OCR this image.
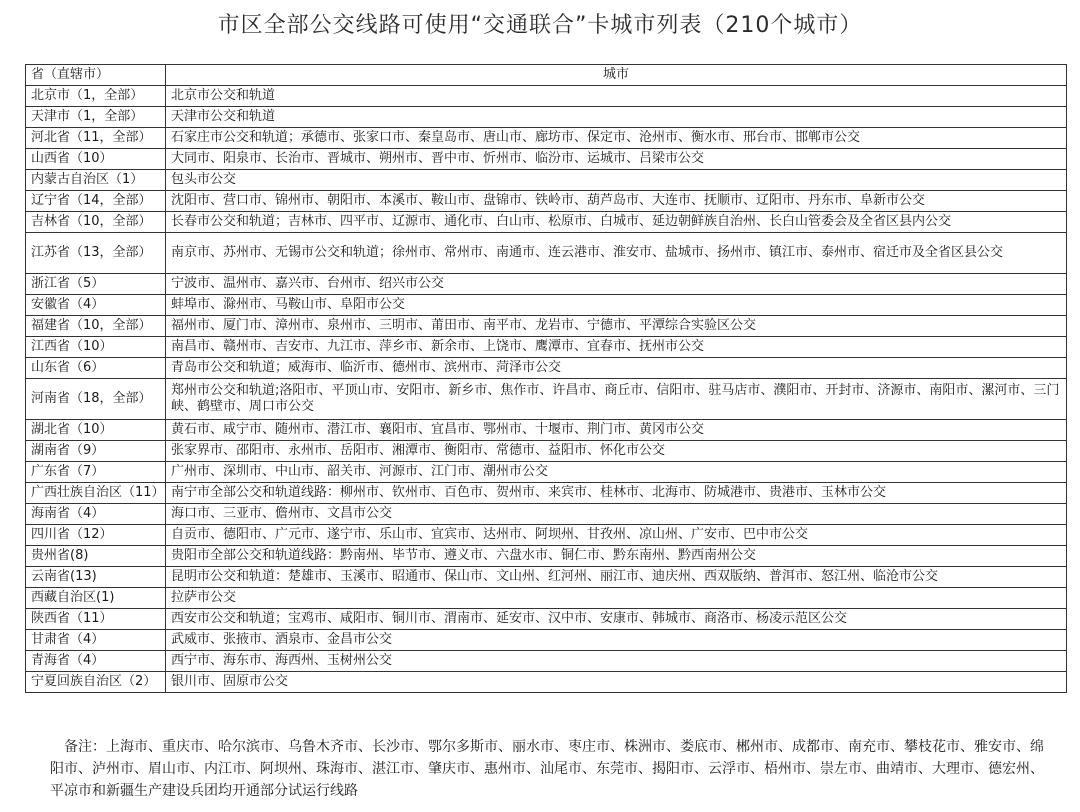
市区全部公交线路可使用“交通联合”卡城市列表（210个城市）
省（直辖市）	城市
北京市（1，全部）	北京市公交和轨道
天津市（1，全部）	天津市公交和轨道
河北省（11，全部）	石家庄市公交和轨道；承德市、张家口市、秦皇岛市、唐山市、廊坊市、保定市、沧州市、衡水市、邢台市、邯郸市公交
山西省（10）	大同市、阳泉市、长治市、晋城市、朔州市、晋中市、忻州市、临汾市、运城市、吕梁市公交
内蒙古自治区（1）	包头市公交
辽宁省（14，全部）	沈阳市、营口市、锦州市、朝阳市、本溪市、鞍山市、盘锦市、铁岭市、葫芦岛市、大连市、抚顺市、辽阳市、丹东市、阜新市公交
吉林省（10，全部）	长春市公交和轨道；吉林市、四平市、辽源市、通化市、白山市、松原市、白城市、延边朝鲜族自治州、长白山管委会及全省区县内公交
江苏省（13，全部）	南京市、苏州市、无锡市公交和轨道；徐州市、常州市、南通市、连云港市、淮安市、盐城市、扬州市、镇江市、泰州市、宿迁市及全省区县公交
浙江省（5）	宁波市、温州市、嘉兴市、台州市、绍兴市公交
安徽省（4）	蚌埠市、滁州市、马鞍山市、阜阳市公交
福建省（10，全部）	福州市、厦门市、漳州市、泉州市、三明市、莆田市、南平市、龙岩市、宁德市、平潭综合实验区公交
江西省（10）	南昌市、赣州市、吉安市、九江市、萍乡市、新余市、上饶市、鹰潭市、宜春市、抚州市公交
山东省（6）	青岛市公交和轨道；威海市、临沂市、德州市、滨州市、菏泽市公交
河南省（18，全部）	郑州市公交和轨道;洛阳市、平顶山市、安阳市、新乡市、焦作市、许昌市、商丘市、信阳市、驻马店市、濮阳市、开封市、济源市、南阳市、漯河市、三门峡、鹤壁市、周口市公交
湖北省（10）	黄石市、咸宁市、随州市、潜江市、襄阳市、宜昌市、鄂州市、十堰市、荆门市、黄冈市公交
湖南省（9）	张家界市、邵阳市、永州市、岳阳市、湘潭市、衡阳市、常德市、益阳市、怀化市公交
广东省（7）	广州市、深圳市、中山市、韶关市、河源市、江门市、潮州市公交
广西壮族自治区（11）	南宁市全部公交和轨道线路：柳州市、钦州市、百色市、贺州市、来宾市、桂林市、北海市、防城港市、贵港市、玉林市公交
海南省（4）	海口市、三亚市、儋州市、文昌市公交
四川省（12）	自贡市、德阳市、广元市、遂宁市、乐山市、宜宾市、达州市、阿坝州、甘孜州、凉山州、广安市、巴中市公交
贵州省(8)	贵阳市全部公交和轨道线路：黔南州、毕节市、遵义市、六盘水市、铜仁市、黔东南州、黔西南州公交
云南省(13)	昆明市公交和轨道：楚雄市、玉溪市、昭通市、保山市、文山州、红河州、丽江市、迪庆州、西双版纳、普洱市、怒江州、临沧市公交
西藏自治区(1)	拉萨市公交
陕西省（11）	西安市公交和轨道；宝鸡市、咸阳市、铜川市、渭南市、延安市、汉中市、安康市、韩城市、商洛市、杨凌示范区公交
甘肃省（4）	武威市、张掖市、酒泉市、金昌市公交
青海省（4）	西宁市、海东市、海西州、玉树州公交
宁夏回族自治区（2）	银川市、固原市公交
备注：上海市、重庆市、哈尔滨市、乌鲁木齐市、长沙市、鄂尔多斯市、丽水市、枣庄市、株洲市、娄底市、郴州市、成都市、南充市、攀枝花市、雅安市、绵阳市、泸州市、眉山市、内江市、阿坝州、珠海市、湛江市、肇庆市、惠州市、汕尾市、东莞市、揭阳市、云浮市、梧州市、崇左市、曲靖市、大理市、德宏州、平凉市和新疆生产建设兵团均开通部分试运行线路
